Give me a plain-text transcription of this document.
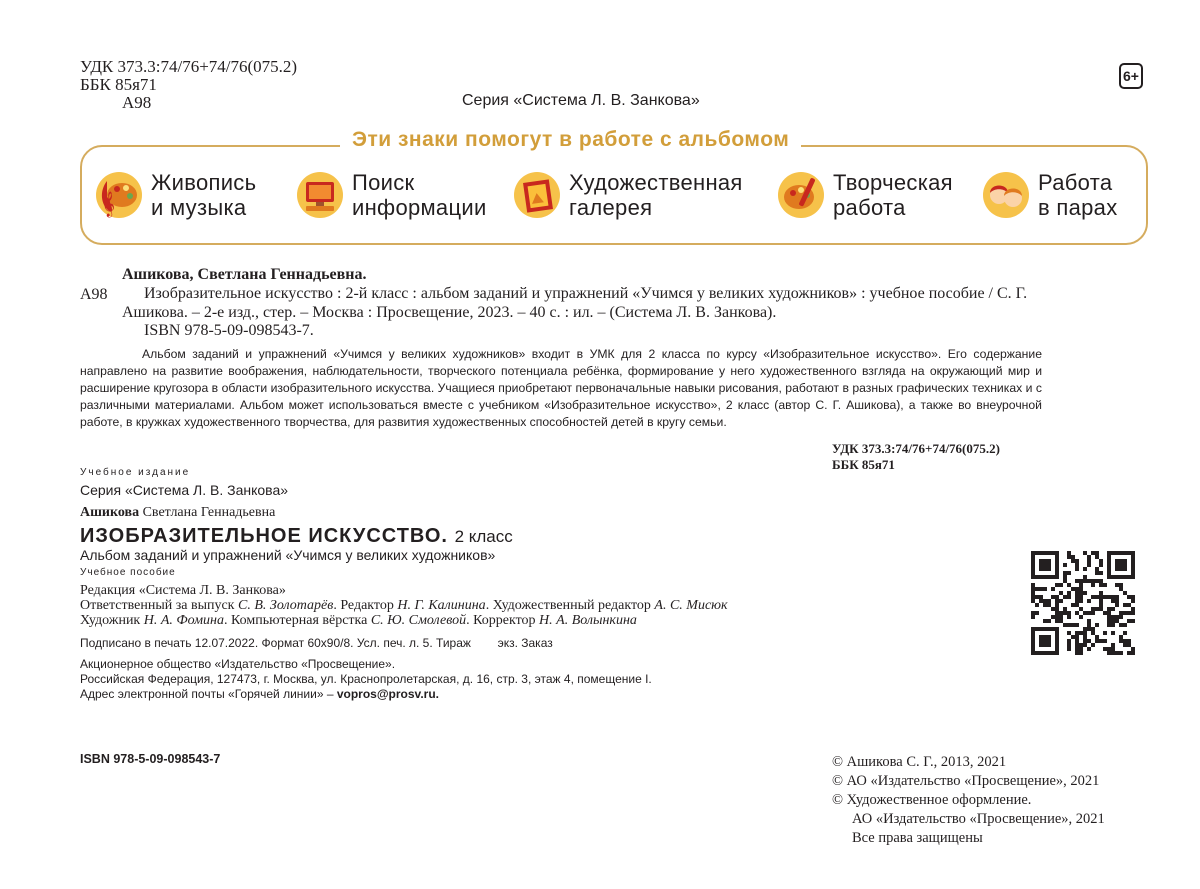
УДК 373.3:74/76+74/76(075.2)
ББК 85я71
А98	Серия «Система Л. В. Занкова»
6+
Эти знаки помогут в работе с альбомом
𝄞
Живопись
и музыка
Поиск
информации
Художественная
галерея
Творческая
работа
Работа
в парах
Ашикова, Светлана Геннадьевна.
А98	Изобразительное искусство : 2-й класс : альбом заданий и упражнений «Учимся у великих художников» : учебное пособие / С. Г. Ашикова. – 2-е изд., стер. – Москва : Просвещение, 2023. – 40 с. : ил. – (Система Л. В. Занкова).
ISBN 978-5-09-098543-7.
Альбом заданий и упражнений «Учимся у великих художников» входит в УМК для 2 класса по курсу «Изобразительное искусство». Его содержание направлено на развитие воображения, наблюдательности, творческого потенциала ребёнка, формирование у него художественного взгляда на окружающий мир и расширение кругозора в области изобразительного искусства. Учащиеся приобретают первоначальные навыки рисования, работают в разных графических техниках и с различными материалами. Альбом может использоваться вместе с учебником «Изобразительное искусство», 2 класс (автор С. Г. Ашикова), а также во внеурочной работе, в кружках художественного творчества, для развития художественных способностей детей в кругу семьи.
УДК 373.3:74/76+74/76(075.2)
ББК 85я71
Учебное издание
Серия «Система Л. В. Занкова»
Ашикова Светлана Геннадьевна
ИЗОБРАЗИТЕЛЬНОЕ ИСКУССТВО. 2 класс
Альбом заданий и упражнений «Учимся у великих художников»
Учебное пособие
Редакция «Система Л. В. Занкова»
Ответственный за выпуск С. В. Золотарёв. Редактор Н. Г. Калинина. Художественный редактор А. С. Мисюк
Художник Н. А. Фомина. Компьютерная вёрстка С. Ю. Смолевой. Корректор Н. А. Волынкина
Подписано в печать 12.07.2022. Формат 60х90/8. Усл. печ. л. 5. Тираж        экз. Заказ
Акционерное общество «Издательство «Просвещение».
Российская Федерация, 127473, г. Москва, ул. Краснопролетарская, д. 16, стр. 3, этаж 4, помещение I.
Адрес электронной почты «Горячей линии» – vopros@prosv.ru.
ISBN 978-5-09-098543-7	© Ашикова С. Г., 2013, 2021
© АО «Издательство «Просвещение», 2021
© Художественное оформление.
АО «Издательство «Просвещение», 2021
Все права защищены
